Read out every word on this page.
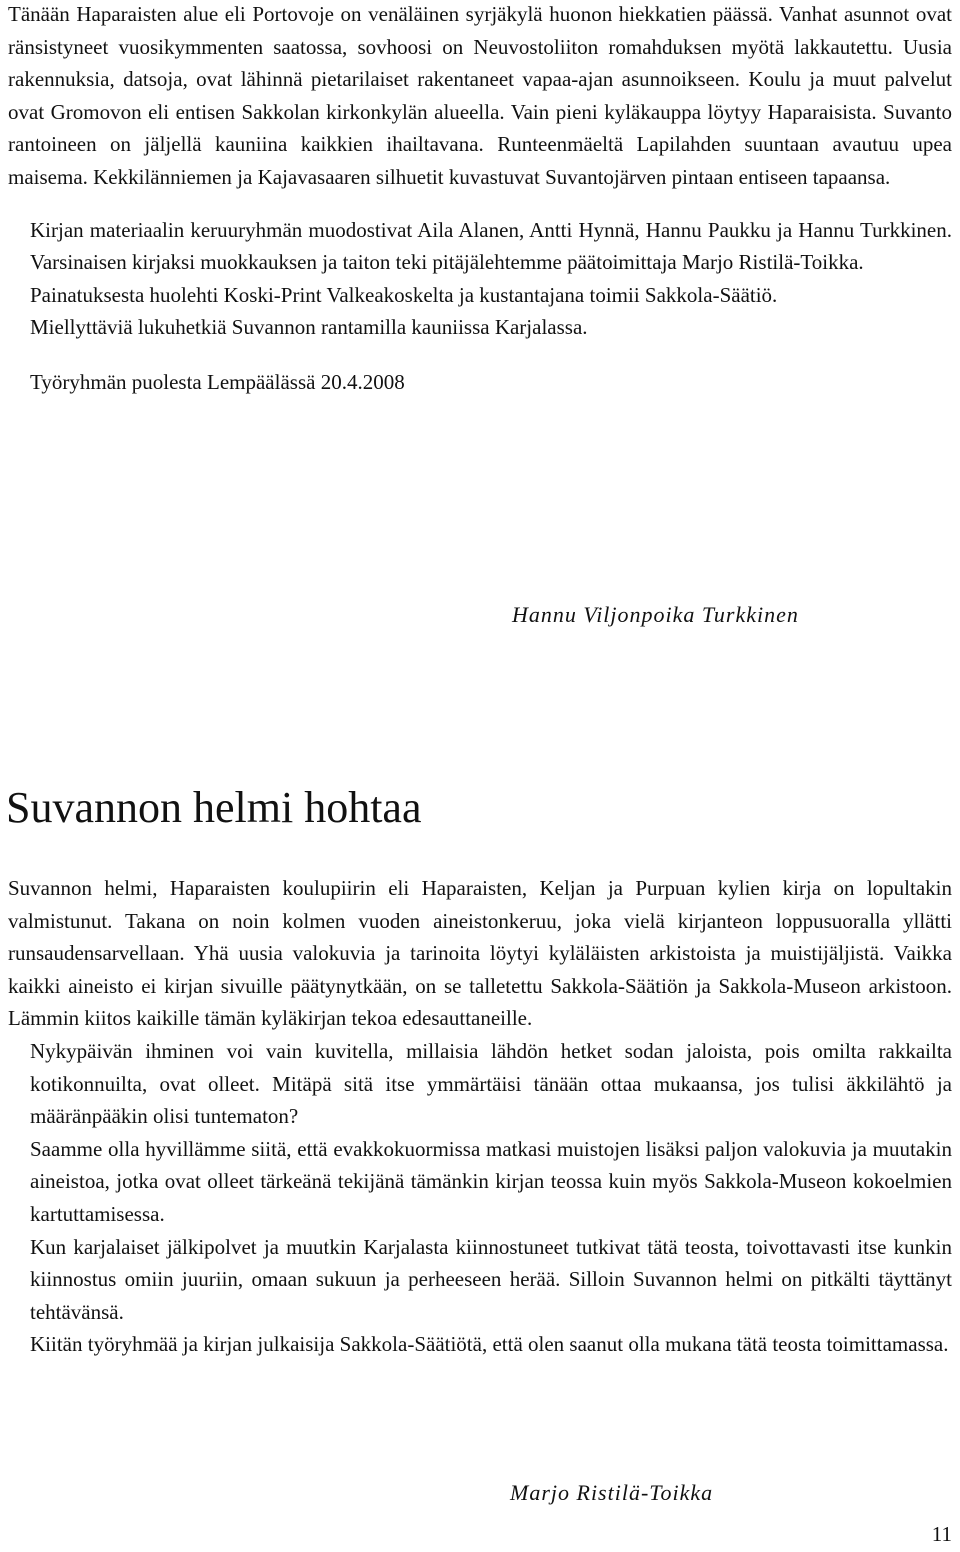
Tänään Haparaisten alue eli Portovoje on venäläinen syrjäkylä huonon hiekkatien päässä. Vanhat asunnot ovat ränsistyneet vuosikymmenten saatossa, sovhoosi on Neuvostoliiton romahduksen myötä lakkautettu. Uusia rakennuksia, datsoja, ovat lähinnä pietarilaiset rakentaneet vapaa-ajan asunnoikseen. Koulu ja muut palvelut ovat Gromovon eli entisen Sakkolan kirkonkylän alueella. Vain pieni kyläkauppa löytyy Haparaisista. Suvanto rantoineen on jäljellä kauniina kaikkien ihailtavana. Runteenmäeltä Lapilahden suuntaan avautuu upea maisema. Kekkilänniemen ja Kajavasaaren silhuetit kuvastuvat Suvantojärven pintaan entiseen tapaansa.

Kirjan materiaalin keruuryhmän muodostivat Aila Alanen, Antti Hynnä, Hannu Paukku ja Hannu Turkkinen. Varsinaisen kirjaksi muokkauksen ja taiton teki pitäjälehtemme päätoimittaja Marjo Ristilä-Toikka.

Painatuksesta huolehti Koski-Print Valkeakoskelta ja kustantajana toimii Sakkola-Säätiö.

Miellyttäviä lukuhetkiä Suvannon rantamilla kauniissa Karjalassa.

Työryhmän puolesta Lempäälässä 20.4.2008

Hannu Viljonpoika Turkkinen
Suvannon helmi hohtaa

Suvannon helmi, Haparaisten koulupiirin eli Haparaisten, Keljan ja Purpuan kylien kirja on lopultakin valmistunut. Takana on noin kolmen vuoden aineistonkeruu, joka vielä kirjanteon loppusuoralla yllätti runsaudensarvellaan. Yhä uusia valokuvia ja tarinoita löytyi kyläläisten arkistoista ja muistijäljistä. Vaikka kaikki aineisto ei kirjan sivuille päätynytkään, on se talletettu Sakkola-Säätiön ja Sakkola-Museon arkistoon. Lämmin kiitos kaikille tämän kyläkirjan tekoa edesauttaneille.

Nykypäivän ihminen voi vain kuvitella, millaisia lähdön hetket sodan jaloista, pois omilta rakkailta kotikonnuilta, ovat olleet. Mitäpä sitä itse ymmärtäisi tänään ottaa mukaansa, jos tulisi äkkilähtö ja määränpääkin olisi tuntematon?

Saamme olla hyvillämme siitä, että evakkokuormissa matkasi muistojen lisäksi paljon valokuvia ja muutakin aineistoa, jotka ovat olleet tärkeänä tekijänä tämänkin kirjan teossa kuin myös Sakkola-Museon kokoelmien kartuttamisessa.

Kun karjalaiset jälkipolvet ja muutkin Karjalasta kiinnostuneet tutkivat tätä teosta, toivottavasti itse kunkin kiinnostus omiin juuriin, omaan sukuun ja perheeseen herää. Silloin Suvannon helmi on pitkälti täyttänyt tehtävänsä.

Kiitän työryhmää ja kirjan julkaisija Sakkola-Säätiötä, että olen saanut olla mukana tätä teosta toimittamassa.

Marjo Ristilä-Toikka
11
